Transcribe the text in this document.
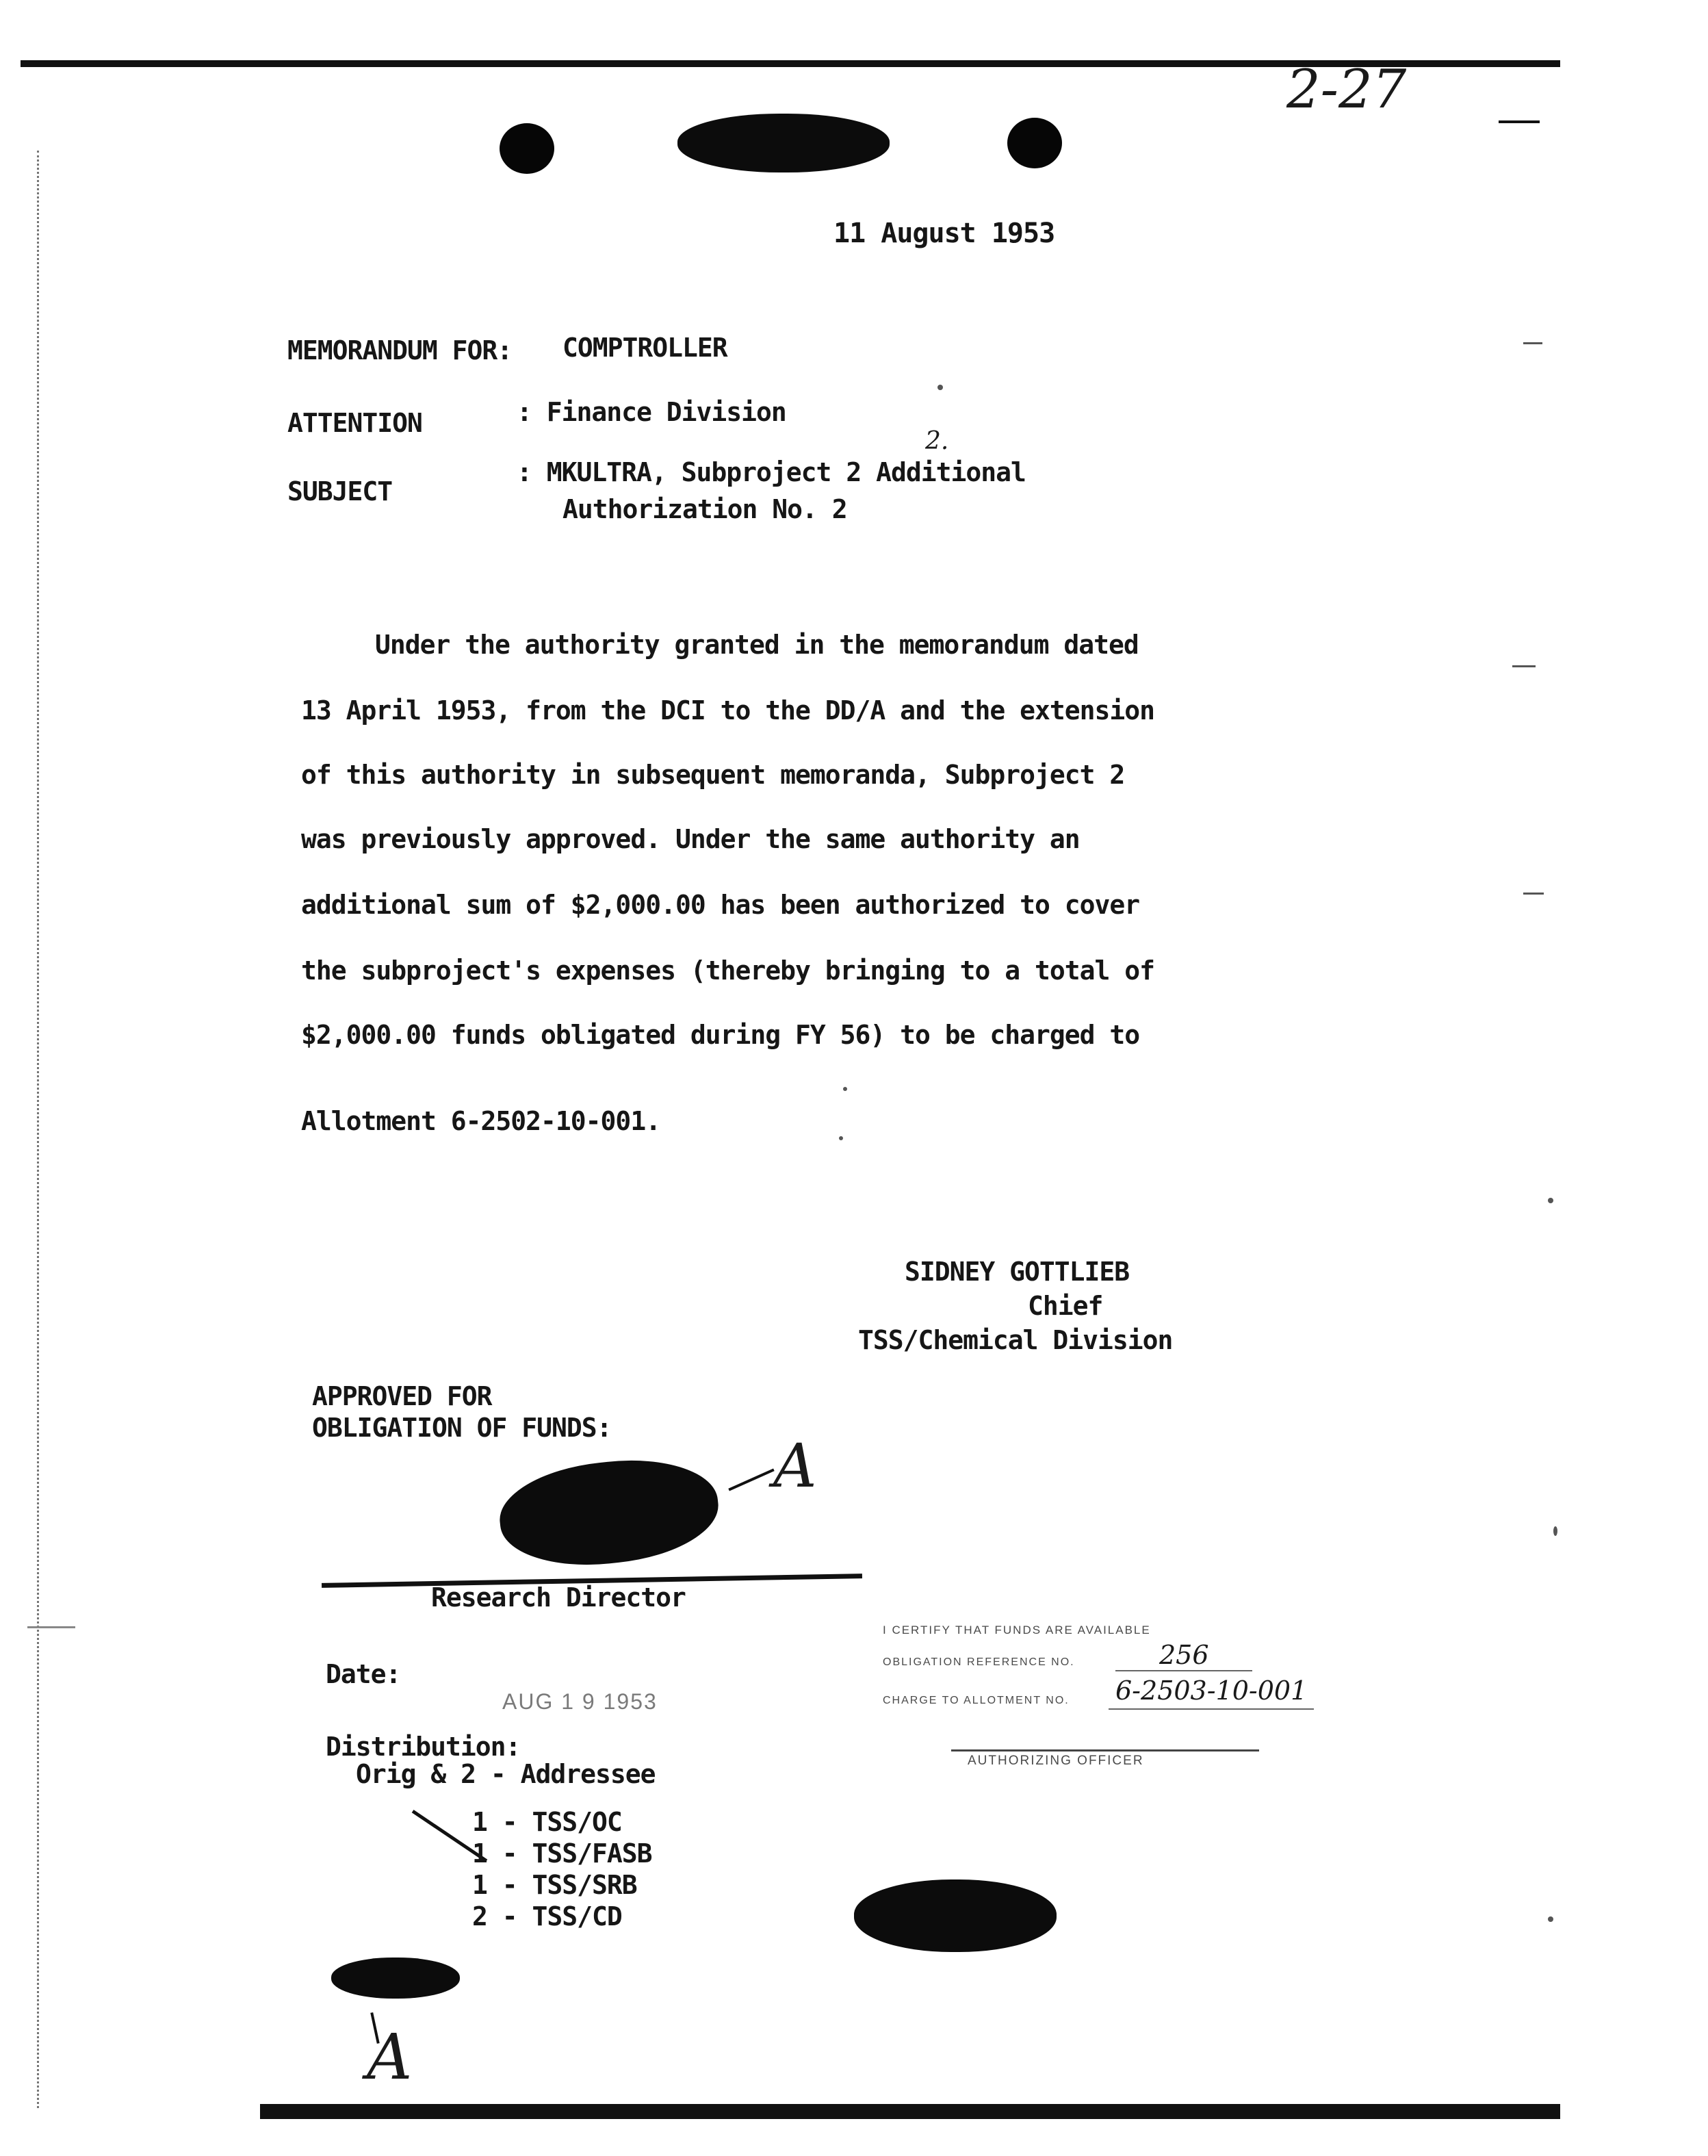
2-27
11 August 1953
MEMORANDUM FOR: COMPTROLLER
ATTENTION	: Finance Division
SUBJECT
: MKULTRA, Subproject 2 Additional
Authorization No. 2
2.
Under the authority granted in the memorandum dated
13 April 1953, from the DCI to the DD/A and the extension
of this authority in subsequent memoranda, Subproject 2
was previously approved. Under the same authority an
additional sum of $2,000.00 has been authorized to cover
the subproject's expenses (thereby bringing to a total of
$2,000.00 funds obligated during FY 56) to be charged to
Allotment 6-2502-10-001.
SIDNEY GOTTLIEB
Chief
TSS/Chemical Division
APPROVED FOR
OBLIGATION OF FUNDS:
A
Research Director
Date:
AUG 1 9 1953
I CERTIFY THAT FUNDS ARE AVAILABLE
OBLIGATION REFERENCE NO.	256
CHARGE TO ALLOTMENT NO. 6-2503-10-001
AUTHORIZING OFFICER
Distribution:
Orig & 2 - Addressee
1 - TSS/OC
1 - TSS/FASB
1 - TSS/SRB
2 - TSS/CD
A
